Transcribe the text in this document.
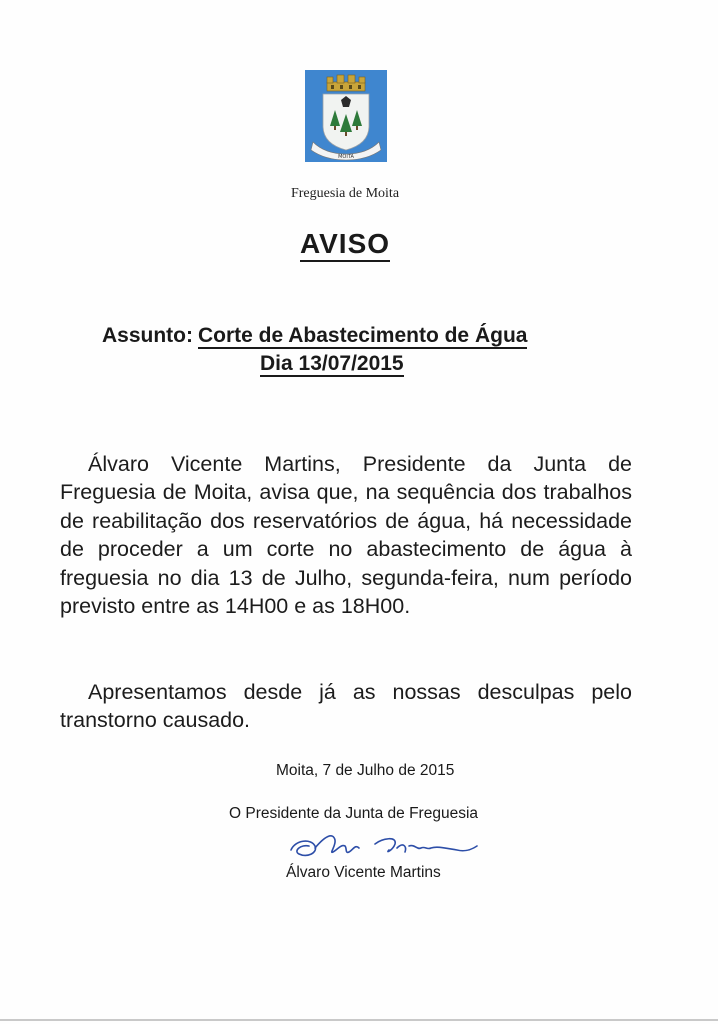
MOITA
Freguesia de Moita
AVISO
Assunto: Corte de Abastecimento de Água
Dia 13/07/2015

Álvaro Vicente Martins, Presidente da Junta de Freguesia de Moita, avisa que, na sequência dos trabalhos de reabilitação dos reservatórios de água, há necessidade de proceder a um corte no abastecimento de água à freguesia no dia 13 de Julho, segunda-feira, num período previsto entre as 14H00 e as 18H00.

Apresentamos desde já as nossas desculpas pelo transtorno causado.

Moita, 7 de Julho de 2015
O Presidente da Junta de Freguesia
Álvaro Vicente Martins
